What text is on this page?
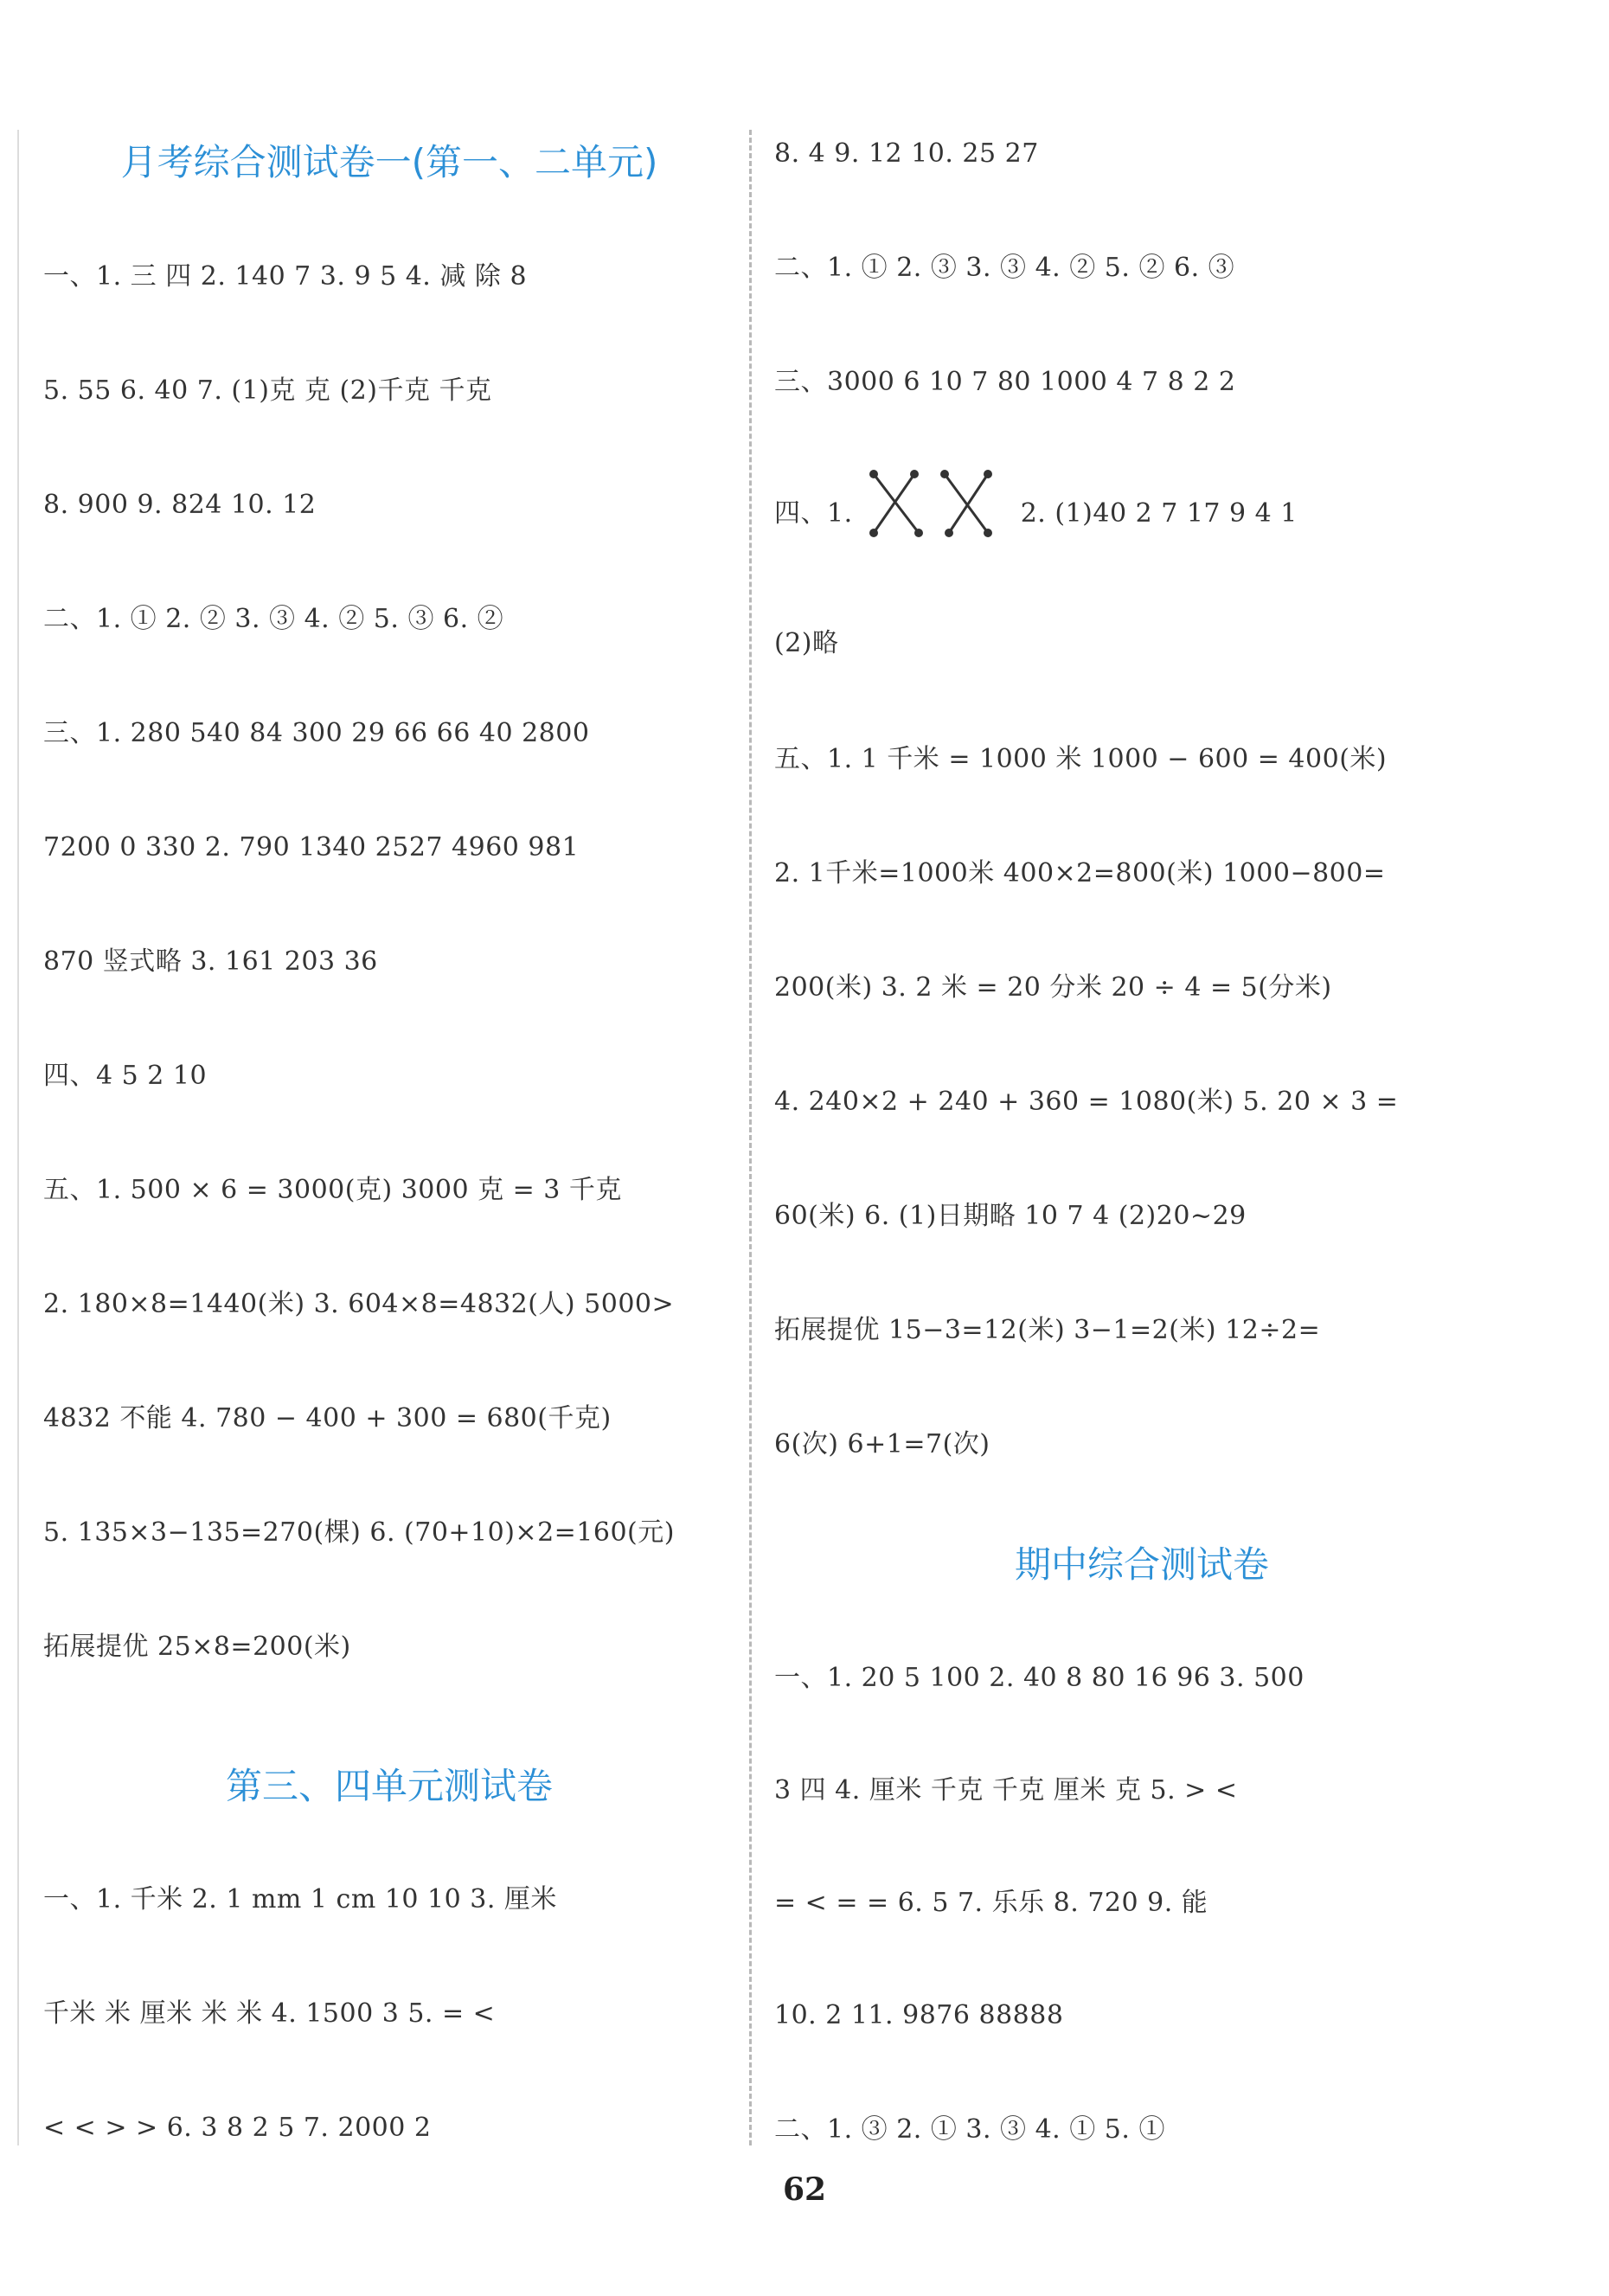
月考综合测试卷一(第一、二单元)
一、1. 三 四 2. 140 7 3. 9 5 4. 减 除 8
5. 55 6. 40 7. (1)克 克 (2)千克 千克
8. 900 9. 824 10. 12
二、1. ① 2. ② 3. ③ 4. ② 5. ③ 6. ②
三、1. 280 540 84 300 29 66 66 40 2800
7200 0 330 2. 790 1340 2527 4960 981
870 竖式略 3. 161 203 36
四、4 5 2 10
五、1. 500 × 6 = 3000(克) 3000 克 = 3 千克
2. 180×8=1440(米) 3. 604×8=4832(人) 5000>
4832 不能 4. 780 − 400 + 300 = 680(千克)
5. 135×3−135=270(棵) 6. (70+10)×2=160(元)
拓展提优 25×8=200(米)
第三、四单元测试卷
一、1. 千米 2. 1 mm 1 cm 10 10 3. 厘米
千米 米 厘米 米 米 4. 1500 3 5. = <
< < > > 6. 3 8 2 5 7. 2000 2
8. 4 9. 12 10. 25 27
二、1. ① 2. ③ 3. ③ 4. ② 5. ② 6. ③
三、3000 6 10 7 80 1000 4 7 8 2 2
四、1.	2. (1)40 2 7 17 9 4 1
(2)略
五、1. 1 千米 = 1000 米 1000 − 600 = 400(米)
2. 1千米=1000米 400×2=800(米) 1000−800=
200(米) 3. 2 米 = 20 分米 20 ÷ 4 = 5(分米)
4. 240×2 + 240 + 360 = 1080(米) 5. 20 × 3 =
60(米) 6. (1)日期略 10 7 4 (2)20~29
拓展提优 15−3=12(米) 3−1=2(米) 12÷2=
6(次) 6+1=7(次)
期中综合测试卷
一、1. 20 5 100 2. 40 8 80 16 96 3. 500
3 四 4. 厘米 千克 千克 厘米 克 5. > <
= < = = 6. 5 7. 乐乐 8. 720 9. 能
10. 2 11. 9876 88888
二、1. ③ 2. ① 3. ③ 4. ① 5. ①
62
